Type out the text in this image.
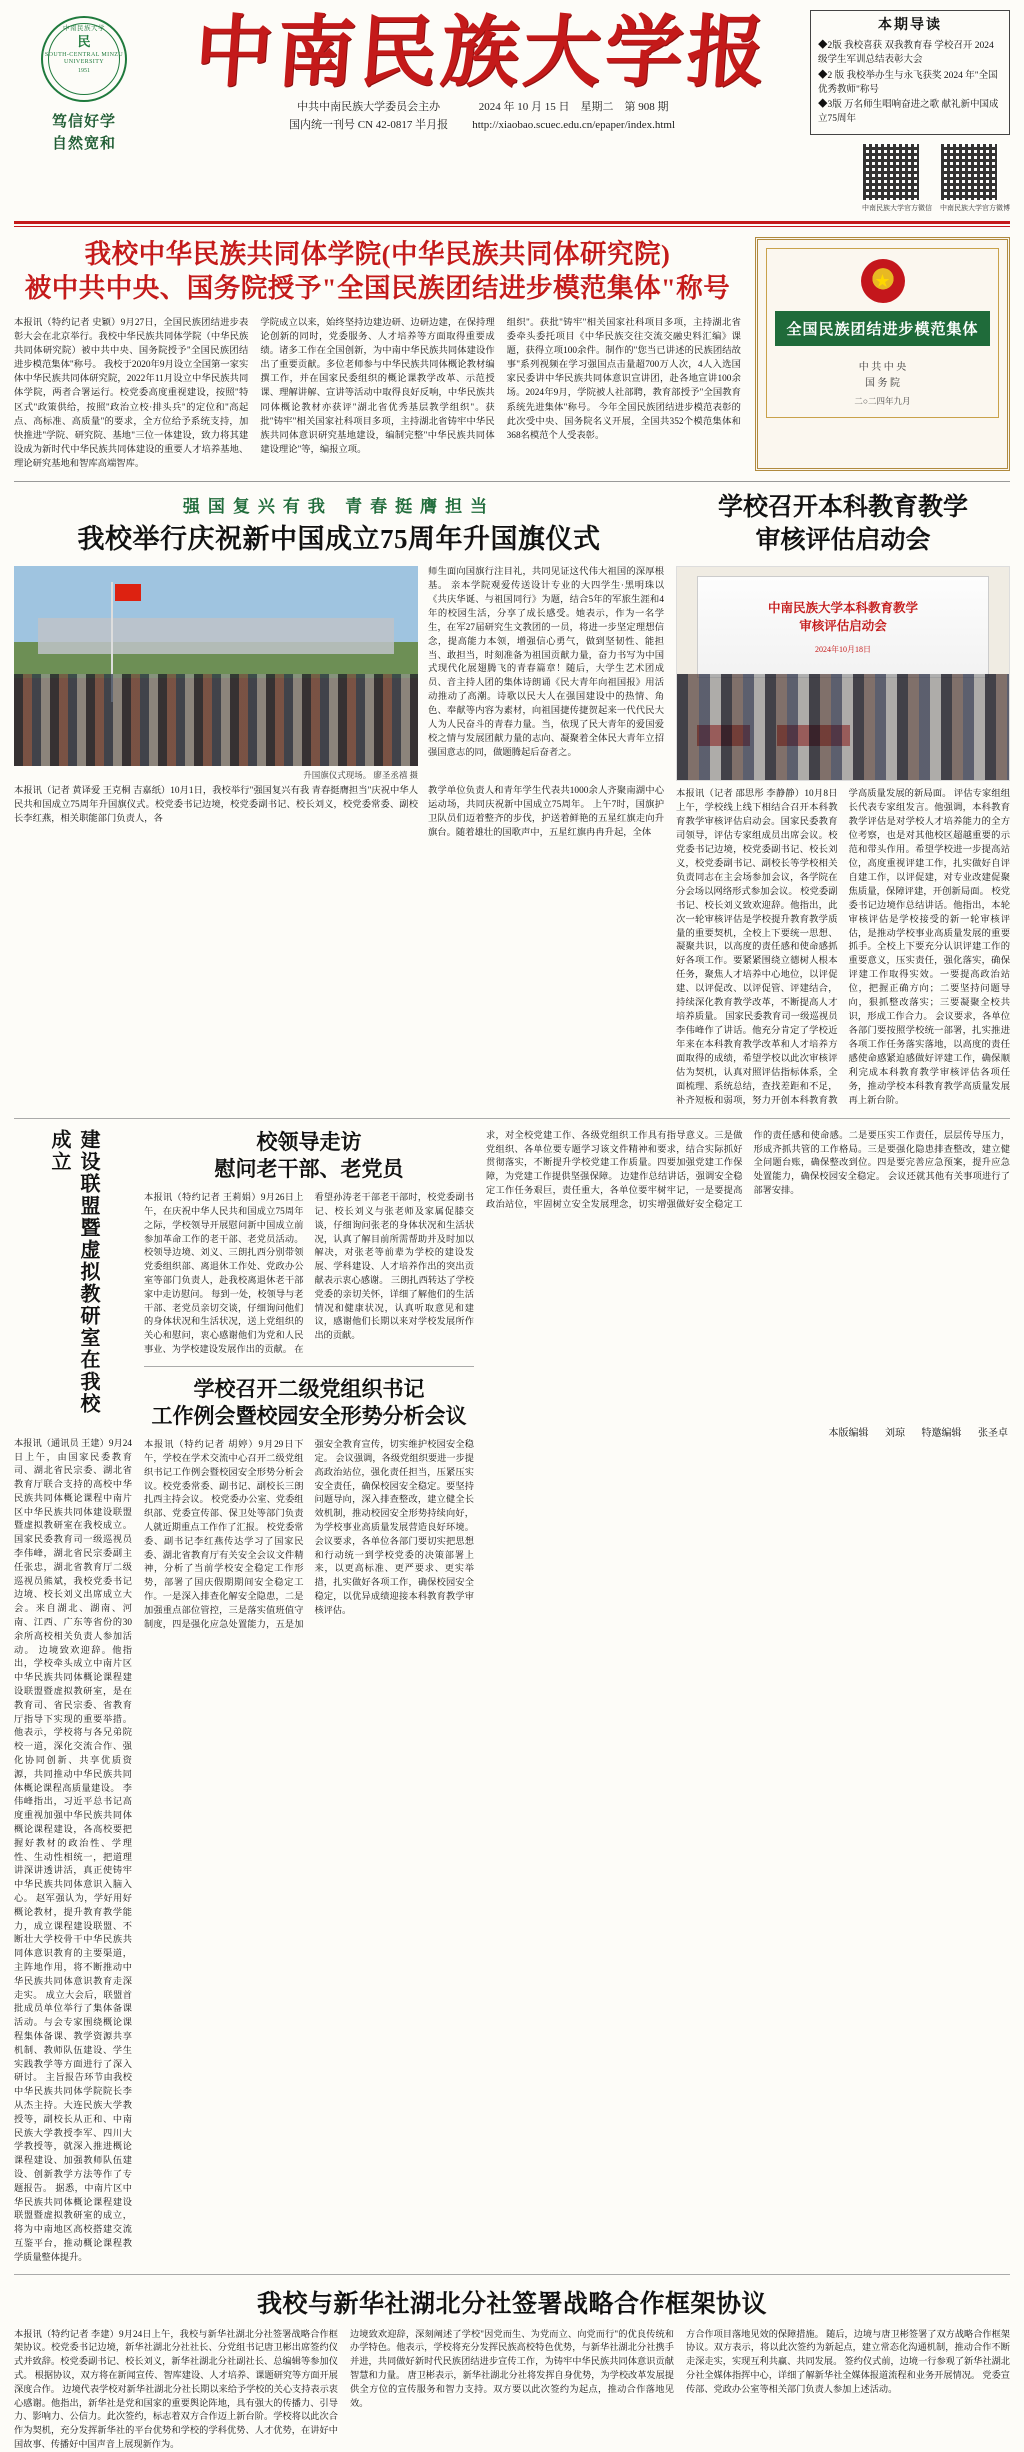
中南民族大学
民
SOUTH-CENTRAL MINZU UNIVERSITY
1951
笃信好学
自然宽和
中南民族大学报
中共中南民族大学委员会主办
国内统一刊号 CN 42-0817 半月报
2024 年 10 月 15 日 星期二 第 908 期
http://xiaobao.scuec.edu.cn/epaper/index.html
本期导读
◆2版 我校喜获 双我教育春 学校召开 2024级学生军训总结表彰大会
◆2 版 我校举办生与永飞获奖 2024 年"全国优秀教师"称号
◆3版 万名师生唱响奋进之歌 献礼新中国成立75周年
中南民族大学官方微信 中南民族大学官方微博
我校中华民族共同体学院(中华民族共同体研究院)
被中共中央、国务院授予"全国民族团结进步模范集体"称号
本报讯（特约记者 史颖）9月27日，全国民族团结进步表彰大会在北京举行。我校中华民族共同体学院（中华民族共同体研究院）被中共中央、国务院授予"全国民族团结进步模范集体"称号。 我校于2020年9月设立全国第一家实体中华民族共同体研究院，2022年11月设立中华民族共同体学院，两者合署运行。校党委高度重视建设，按照"特区式"政策供给，按照"政治立校·排头兵"的定位和"高起点、高标准、高质量"的要求，全方位给予系统支持，加快推进"学院、研究院、基地"三位一体建设，致力将其建设成为新时代中华民族共同体建设的重要人才培养基地、理论研究基地和智库高端智库。
学院成立以来，始终坚持边建边研、边研边建，在保持理论创新的同时，党委服务、人才培养等方面取得重要成绩。诸多工作在全国创新，为中南中华民族共同体建设作出了重要贡献。多位老师参与中华民族共同体概论教材编撰工作，并在国家民委组织的概论课教学改革、示范授课、理解讲解、宣讲等活动中取得良好反响，中华民族共同体概论教材亦获评"湖北省优秀基层教学组织"。获批"铸牢"相关国家社科项目多项，主持湖北省铸牢中华民族共同体意识研究基地建设，编制完整"中华民族共同体建设理论"等，编报立项。
组织"。获批"铸牢"相关国家社科项目多项，主持湖北省委牵头委托项目《中华民族交往交流交融史料汇编》课题，获得立项100余件。制作的"您当已讲述的民族团结故事"系列视频在学习强国点击量超700万人次，4人入选国家民委讲中华民族共同体意识宣讲团，赴各地宣讲100余场。2024年9月，学院被人社部聘，教育部授予"全国教育系统先进集体"称号。 今年全国民族团结进步模范表彰的此次受中央、国务院名义开展，全国共352个模范集体和368名模范个人受表彰。
★
全国民族团结进步模范集体
中 共 中 央
国 务 院
二○二四年九月
强国复兴有我 青春挺膺担当
我校举行庆祝新中国成立75周年升国旗仪式
升国旗仪式现场。 廖圣丞禧 摄
师生面向国旗行注目礼，共同见证这代伟大祖国的深厚根基。 亲本学院观爱传送设计专业的大四学生·黑明珠以《共庆华诞、与祖国同行》为题，结合5年的军旅生涯和4年的校园生活，分享了成长感受。她表示，作为一名学生，在军27届研究生文教团的一员，将进一步坚定理想信念，提高能力本领，增强信心勇气，做到坚韧性、能担当、敢担当，时刻准备为祖国贡献力量，奋力书写为中国式现代化展翅腾飞的青春篇章！随后，大学生艺术团成员、音主持人团的集体诗朗诵《民大青年向祖国报》用活动推动了高潮。诗歌以民大人在强国建设中的热情、角色、奉献等内容为素材，向祖国捷传捷贺起来一代代民大人为人民奋斗的青春力量。当，依现了民大青年的爱国爱校之情与发展团献力量的志向、凝聚着全体民大青年立招强国意志的同，做题腾起后奋者之。
本报讯（记者 黄译爱 王克桐 吉嘉纸）10月1日，我校举行"强国复兴有我 青春挺膺担当"庆祝中华人民共和国成立75周年升国旗仪式。校党委书记边境，校党委副书记、校长刘义，校党委常委、副校长李红燕，相关职能部门负责人，各
教学单位负责人和青年学生代表共1000余人齐聚南湖中心运动场，共同庆祝新中国成立75周年。 上午7时，国旗护卫队员们迈着整齐的步伐，护送着鲜艳的五星红旗走向升旗台。随着雄壮的国歌声中，五星红旗冉冉升起，全体
学校召开本科教育教学
审核评估启动会
中南民族大学本科教育教学
审核评估启动会
2024年10月18日
本报讯（记者 邵思彤 李静静）10月8日上午，学校线上线下相结合召开本科教育教学审核评估启动会。国家民委教育司领导，评估专家组成员出席会议。校党委书记边境，校党委副书记、校长刘义，校党委副书记、副校长等学校相关负责同志在主会场参加会议，各学院在分会场以网络形式参加会议。 校党委副书记、校长刘义致欢迎辞。他指出，此次一轮审核评估是学校提升教育教学质量的重要契机，全校上下要统一思想、凝聚共识，以高度的责任感和使命感抓好各项工作。要紧紧围绕立德树人根本任务，聚焦人才培养中心地位，以评促建、以评促改、以评促管、评建结合，持续深化教育教学改革，不断提高人才培养质量。 国家民委教育司一级巡视员李伟峰作了讲话。他充分肯定了学校近年来在本科教育教学改革和人才培养方面取得的成绩，希望学校以此次审核评估为契机，认真对照评估指标体系，全面梳理、系统总结，查找差距和不足，补齐短板和弱项，努力开创本科教育教学高质量发展的新局面。 评估专家组组长代表专家组发言。他强调，本科教育教学评估是对学校人才培养能力的全方位考察，也是对其他校区超越重要的示范和带头作用。希望学校进一步提高站位，高度重视评建工作，扎实做好自评自建工作，以评促建，对专业改建促聚焦质量，保障评建，开创新局面。 校党委书记边境作总结讲话。他指出，本轮审核评估是学校接受的新一轮审核评估，是推动学校事业高质量发展的重要抓手。全校上下要充分认识评建工作的重要意义，压实责任，强化落实，确保评建工作取得实效。一要提高政治站位，把握正确方向；二要坚持问题导向，狠抓整改落实；三要凝聚全校共识，形成工作合力。 会议要求，各单位各部门要按照学校统一部署，扎实推进各项工作任务落实落地，以高度的责任感使命感紧迫感做好评建工作，确保顺利完成本科教育教学审核评估各项任务，推动学校本科教育教学高质量发展再上新台阶。
建设联盟暨虚拟教研室在我校成立
本报讯（通讯员 王建）9月24日上午，由国家民委教育司、湖北省民宗委、湖北省教育厅联合支持的高校中华民族共同体概论课程中南片区中华民族共同体建设联盟暨虚拟教研室在我校成立。国家民委教育司一级巡视员李伟峰，湖北省民宗委副主任张忠，湖北省教育厅二级巡视员熊斌，我校党委书记边境、校长刘义出席成立大会。来自湖北、湖南、河南、江西、广东等省份的30余所高校相关负责人参加活动。 边境致欢迎辞。他指出，学校牵头成立中南片区中华民族共同体概论课程建设联盟暨虚拟教研室，是在教育司、省民宗委、省教育厅指导下实现的重要举措。他表示，学校将与各兄弟院校一道，深化交流合作、强化协同创新、共享优质资源，共同推动中华民族共同体概论课程高质量建设。 李伟峰指出，习近平总书记高度重视加强中华民族共同体概论课程建设，各高校要把握好教材的政治性、学理性、生动性相统一，把道理讲深讲透讲活，真正使铸牢中华民族共同体意识入脑入心。 赵军强认为，学好用好概论教材，提升教育教学能力，成立课程建设联盟、不断壮大学校骨干中华民族共同体意识教育的主要渠道，主阵地作用，将不断推动中华民族共同体意识教育走深走实。 成立大会后，联盟首批成员单位举行了集体备课活动。与会专家围绕概论课程集体备课、教学资源共享机制、教师队伍建设、学生实践教学等方面进行了深入研讨。 主旨报告环节由我校中华民族共同体学院院长李从杰主持。大连民族大学教授等，副校长从正和、中南民族大学教授李军、四川大学教授等，就深入推进概论课程建设、加强教师队伍建设、创新教学方法等作了专题报告。 据悉，中南片区中华民族共同体概论课程建设联盟暨虚拟教研室的成立，将为中南地区高校搭建交流互鉴平台，推动概论课程教学质量整体提升。
校领导走访
慰问老干部、老党员
本报讯（特约记者 王莉娟）9月26日上午，在庆祝中华人民共和国成立75周年之际，学校领导开展慰问新中国成立前参加革命工作的老干部、老党员活动。校领导边境、刘义、三朗扎西分别带领党委组织部、离退休工作处、党政办公室等部门负责人，赴我校离退休老干部家中走访慰问。 每到一处，校领导与老干部、老党员亲切交谈，仔细询问他们的身体状况和生活状况，送上党组织的关心和慰问，衷心感谢他们为党和人民事业、为学校建设发展作出的贡献。 在看望孙涛老干部老干部时，校党委副书记、校长刘义与张老师及家属促膝交谈，仔细询问张老的身体状况和生活状况，认真了解目前所需帮助并及时加以解决，对张老等前辈为学校的建设发展、学科建设、人才培养作出的突出贡献表示衷心感谢。 三朗扎西转达了学校党委的亲切关怀，详细了解他们的生活情况和健康状况，认真听取意见和建议，感谢他们长期以来对学校发展所作出的贡献。
学校召开二级党组织书记
工作例会暨校园安全形势分析会议
本报讯（特约记者 胡婷）9月29日下午，学校在学术交流中心召开二级党组织书记工作例会暨校园安全形势分析会议。校党委常委、副书记、副校长三朗扎西主持会议。 校党委办公室、党委组织部、党委宣传部、保卫处等部门负责人就近期重点工作作了汇报。 校党委常委、副书记李红燕传达学习了国家民委、湖北省教育厅有关安全会议文件精神，分析了当前学校安全稳定工作形势，部署了国庆假期期间安全稳定工作。一是深入排查化解安全隐患，二是加强重点部位管控，三是落实值班值守制度，四是强化应急处置能力，五是加强安全教育宣传，切实维护校园安全稳定。 会议强调，各级党组织要进一步提高政治站位，强化责任担当，压紧压实安全责任，确保校园安全稳定。要坚持问题导向，深入排查整改，建立健全长效机制，推动校园安全形势持续向好，为学校事业高质量发展营造良好环境。 会议要求，各单位各部门要切实把思想和行动统一到学校党委的决策部署上来，以更高标准、更严要求、更实举措，扎实做好各项工作，确保校园安全稳定，以优异成绩迎接本科教育教学审核评估。
求，对全校党建工作、各级党组织工作具有指导意义。三是做党组织、各单位要专题学习该文件精神和要求，结合实际抓好贯彻落实，不断提升学校党建工作质量。四要加强党建工作保障，为党建工作提供坚强保障。 边建作总结讲话，强调安全稳定工作任务艰巨，责任重大，各单位要牢树牢记，一是要提高政治站位，牢固树立安全发展理念，切实增强做好安全稳定工作的责任感和使命感。二是要压实工作责任，层层传导压力，形成齐抓共管的工作格局。三是要强化隐患排查整改，建立健全问题台账，确保整改到位。四是要完善应急预案，提升应急处置能力，确保校园安全稳定。 会议还就其他有关事项进行了部署安排。
我校与新华社湖北分社签署战略合作框架协议
本报讯（特约记者 李建）9月24日上午，我校与新华社湖北分社签署战略合作框架协议。校党委书记边境，新华社湖北分社社长、分党组书记唐卫彬出席签约仪式并致辞。校党委副书记、校长刘义，新华社湖北分社副社长、总编辑等参加仪式。 根据协议，双方将在新闻宣传、智库建设、人才培养、课题研究等方面开展深度合作。 边境代表学校对新华社湖北分社长期以来给予学校的关心支持表示衷心感谢。他指出，新华社是党和国家的重要舆论阵地，具有强大的传播力、引导力、影响力、公信力。此次签约，标志着双方合作迈上新台阶。学校将以此次合作为契机，充分发挥新华社的平台优势和学校的学科优势、人才优势，在讲好中国故事、传播好中国声音上展现新作为。
边境致欢迎辞，深刻阐述了学校"因党而生、为党而立、向党而行"的优良传统和办学特色。他表示，学校将充分发挥民族高校特色优势，与新华社湖北分社携手并进，共同做好新时代民族团结进步宣传工作，为铸牢中华民族共同体意识贡献智慧和力量。 唐卫彬表示，新华社湖北分社将发挥自身优势，为学校改革发展提供全方位的宣传服务和智力支持。双方要以此次签约为起点，推动合作落地见效。
方合作项目落地见效的保障措施。 随后，边境与唐卫彬签署了双方战略合作框架协议。双方表示，将以此次签约为新起点，建立常态化沟通机制，推动合作不断走深走实，实现互利共赢、共同发展。 签约仪式前，边境一行参观了新华社湖北分社全媒体指挥中心，详细了解新华社全媒体报道流程和业务开展情况。 党委宣传部、党政办公室等相关部门负责人参加上述活动。
本版编辑 刘琼 特邀编辑 张圣卓
